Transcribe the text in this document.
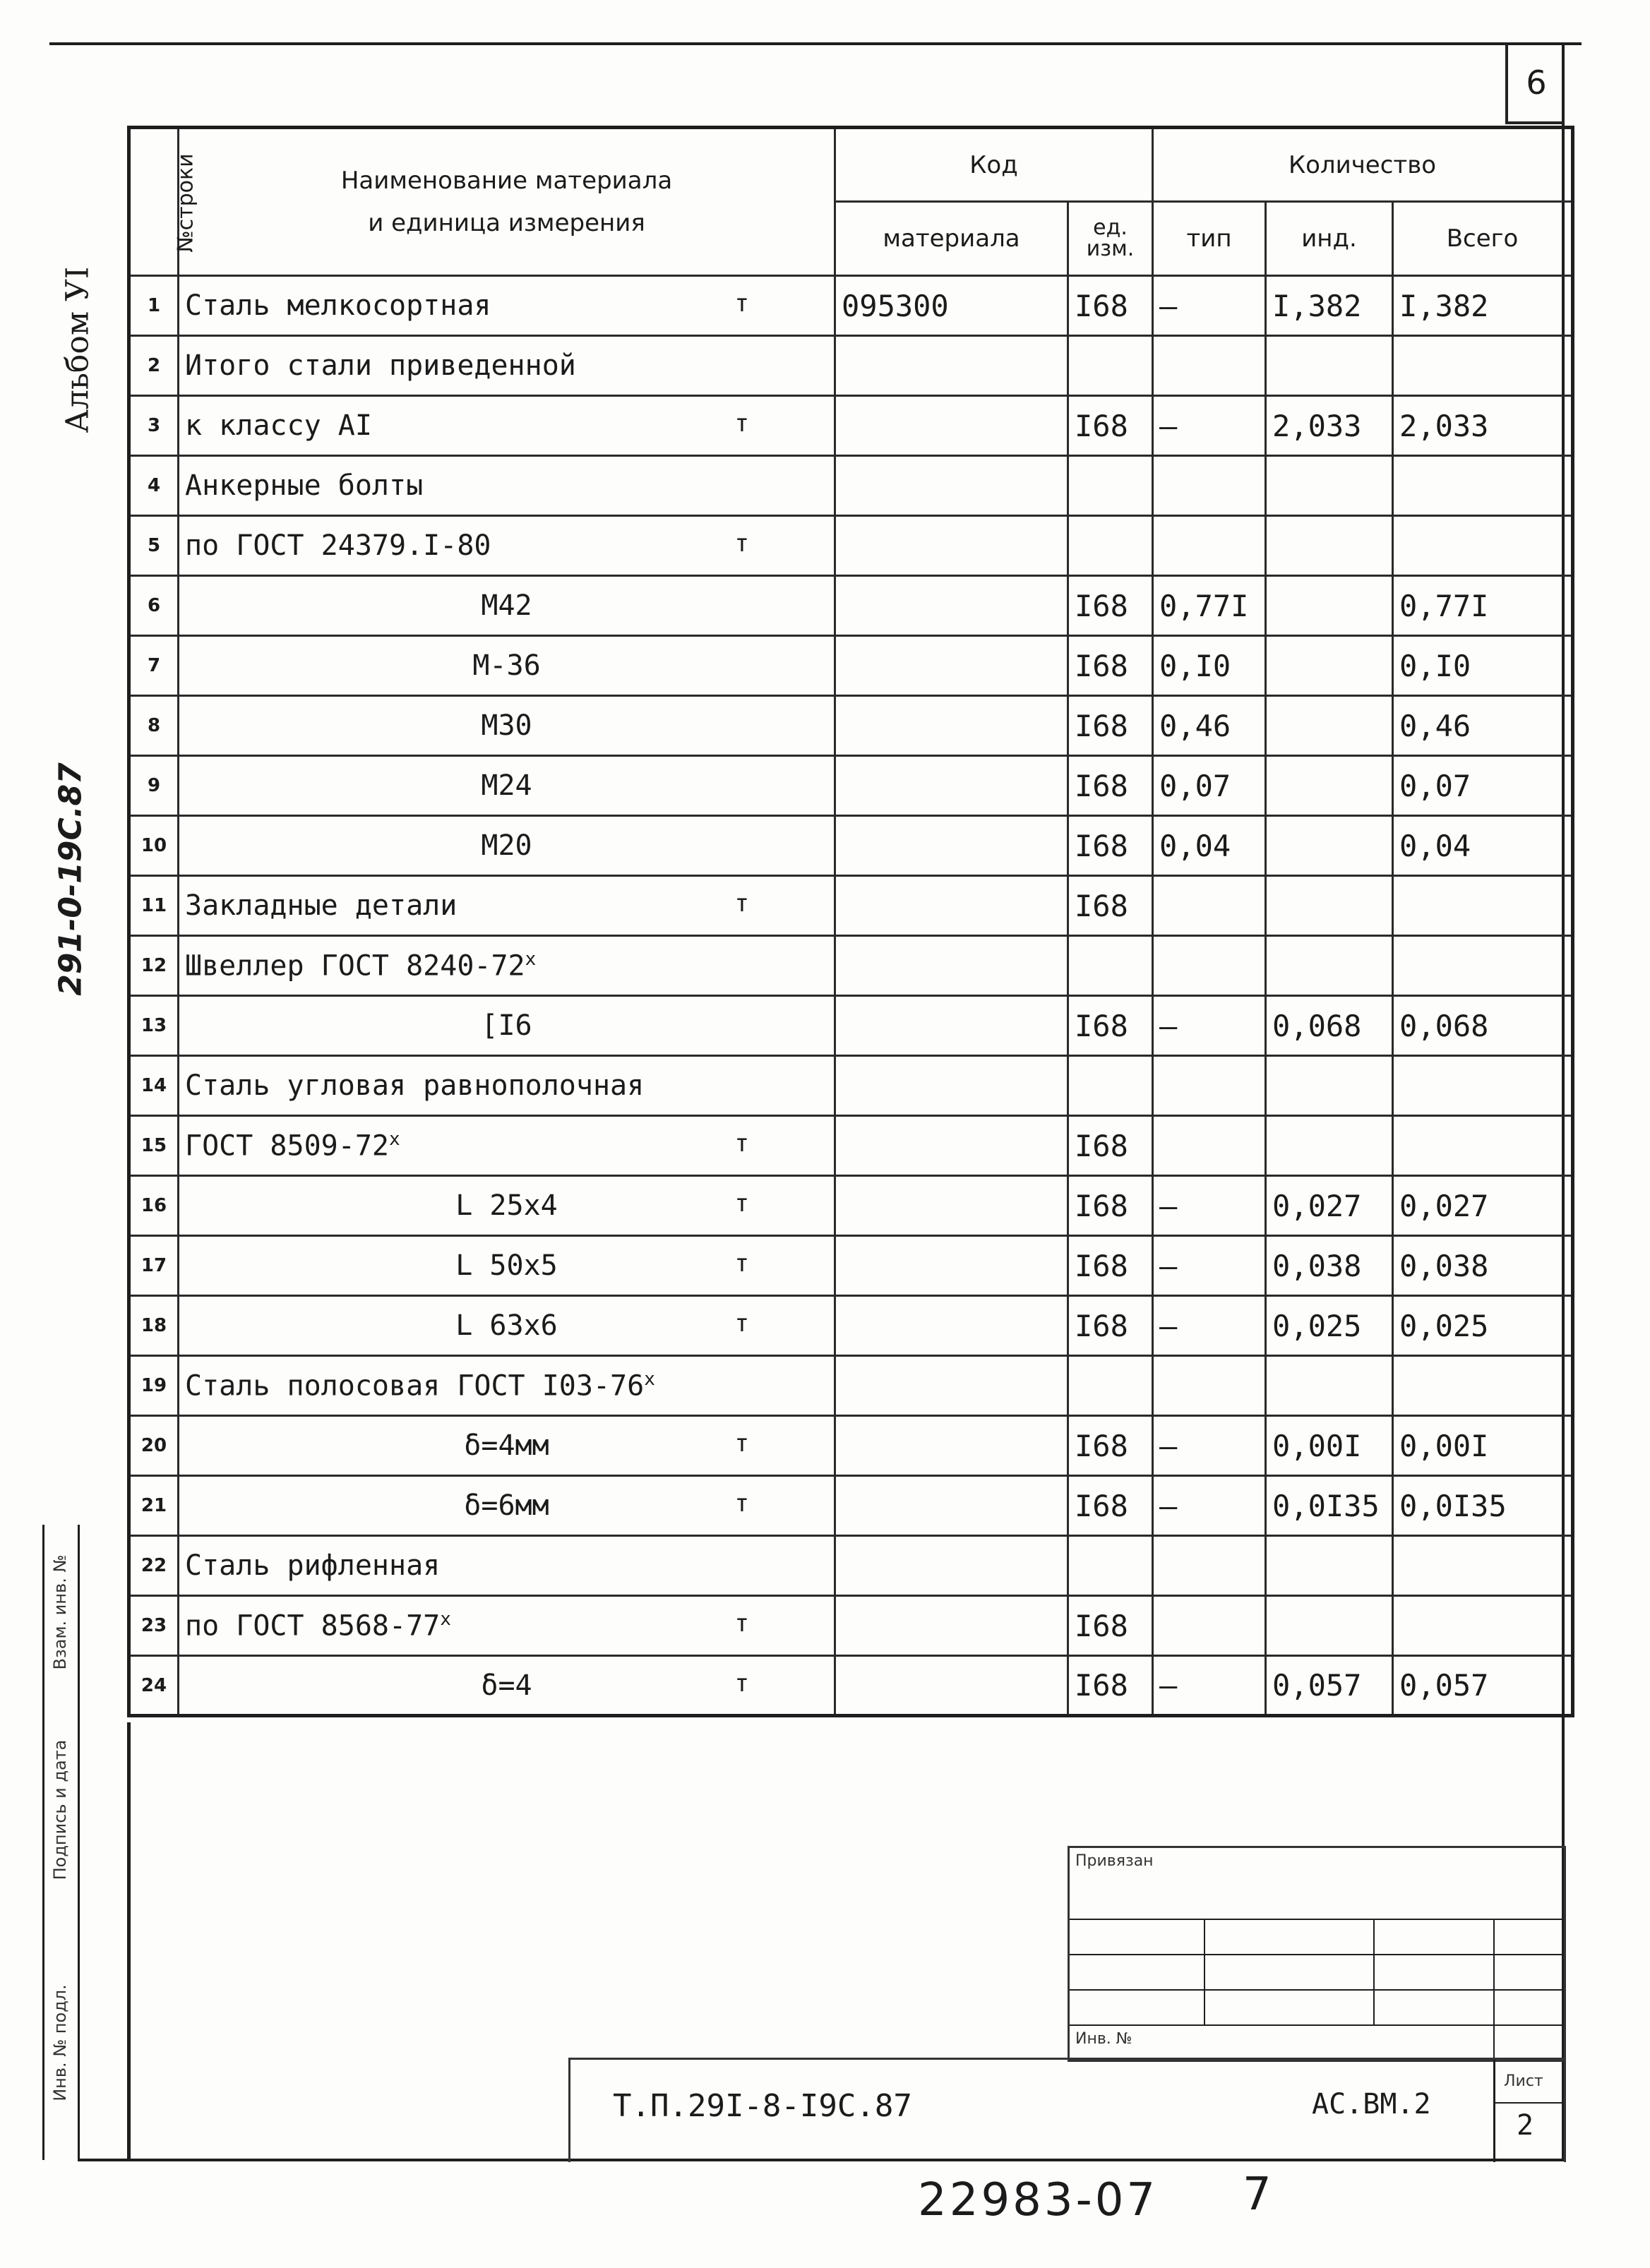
6
Альбом УI
291-0-19С.87
Инв. № подл.
Подпись и дата
Взам. инв. №
№строки	Наименование материала
и единица измерения	Код		Количество		
		материала	ед. изм.	тип	инд.	Всего
1	Сталь мелкосортная т	095300	I68	–	I,382	I,382
2	Итого стали приведенной					
3	к классу АI т		I68	–	2,033	2,033
4	Анкерные болты					
5	по ГОСТ 24379.I-80 т					

6	М42		I68	0,77I		0,77I
7	М-36		I68	0,I0		0,I0
8	М30		I68	0,46		0,46
9	М24		I68	0,07		0,07
10	М20		I68	0,04		0,04
11	Закладные детали т		I68			
12	Швеллер ГОСТ $8240-72^х$					
13	[I6		I68	–	0,068	0,068
14	Сталь угловая равнополочная					
15	ГОСТ $8509-72^х$ т		I68			
16	L 25х4 т		I68	–	0,027	0,027
17	L 50х5 т		I68	–	0,038	0,038
18	L 63х6 т		I68	–	0,025	0,025
19	Сталь полосовая ГОСТ $I03-76^х$					
20	δ=4мм т		I68	–	0,00I	0,00I
21	δ=6мм т		I68	–	0,0I35	0,0I35
22	Сталь рифленная					
23	по ГОСТ $8568-77^х$ т		I68			
24	δ=4 т		I68	–	0,057	0,057
Привязан
Инв. №
Т.П.29I-8-I9С.87	АС.ВМ.2
Лист
2
22983-07 7
